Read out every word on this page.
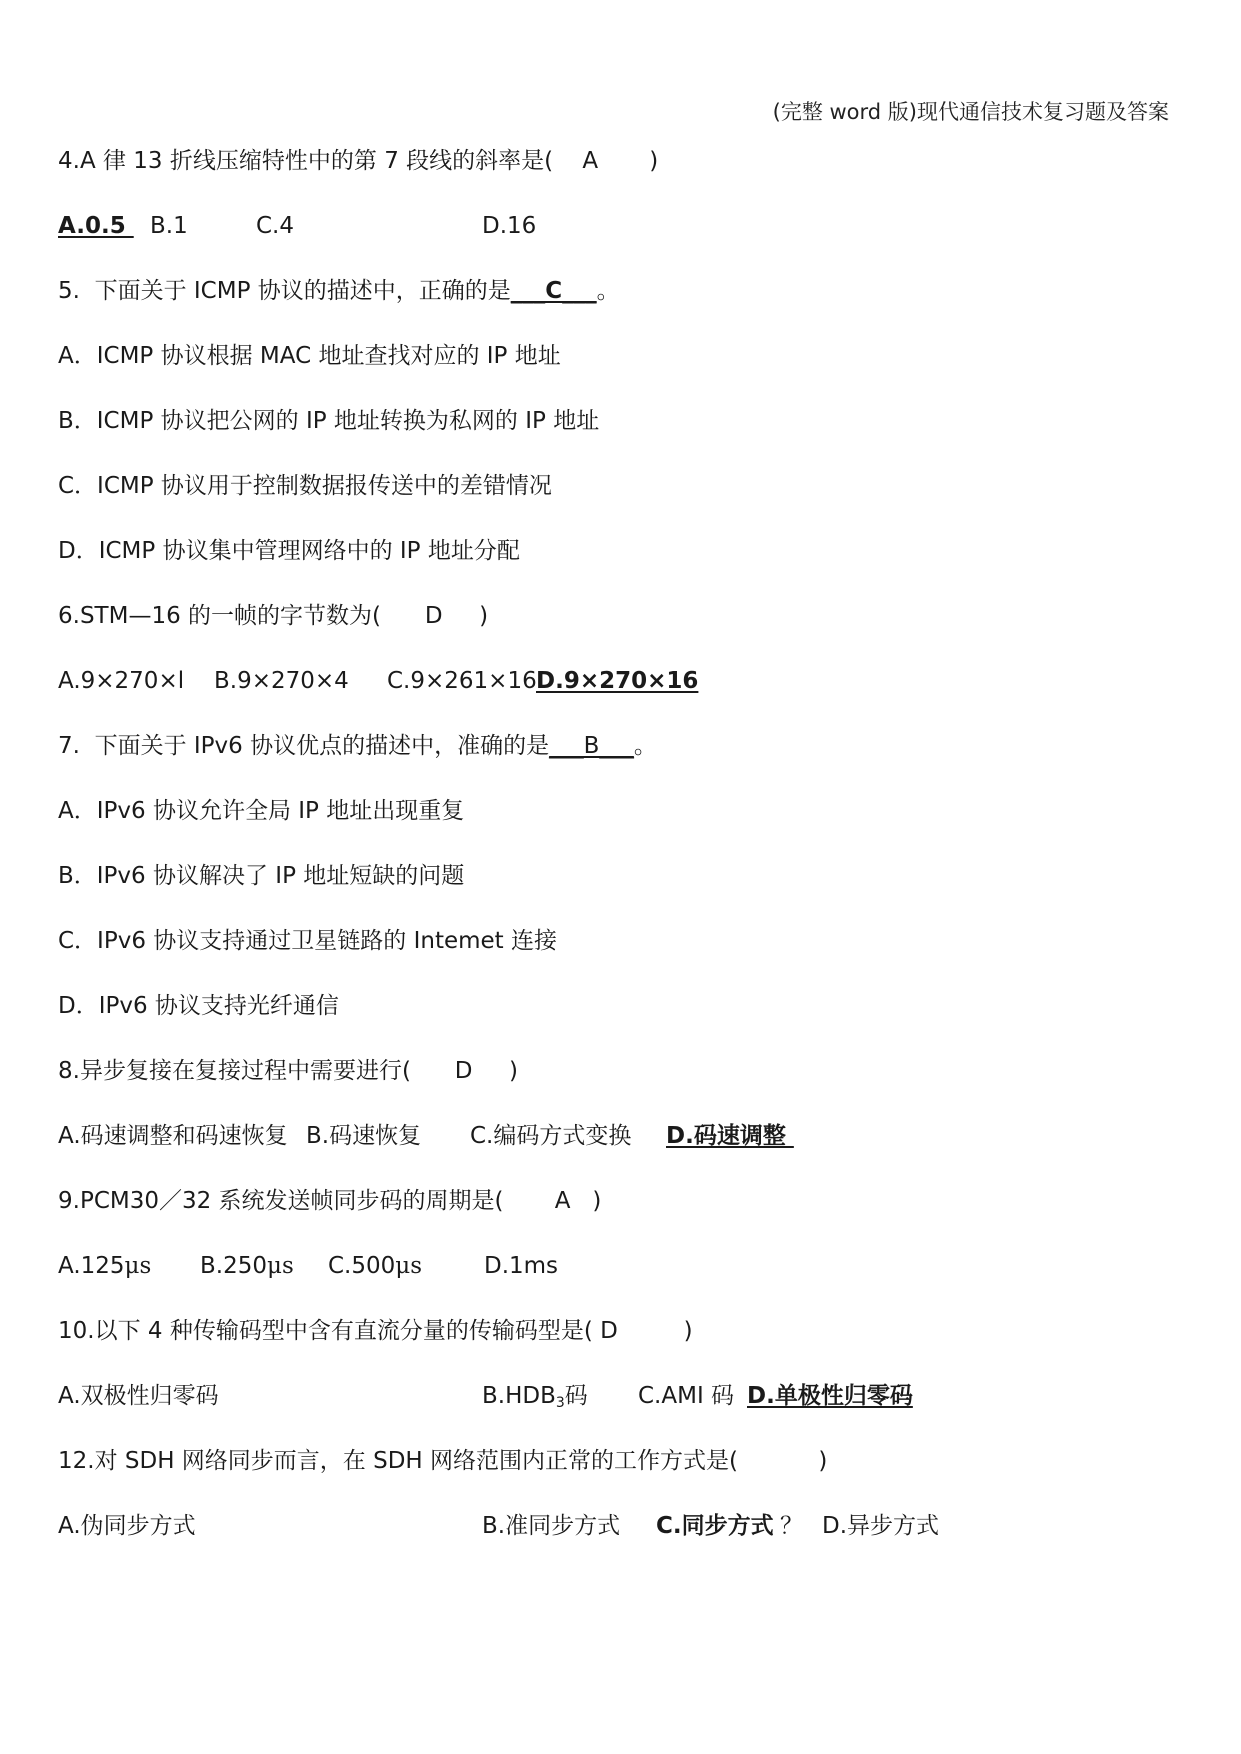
(完整 word 版)现代通信技术复习题及答案
4.A 律 13 折线压缩特性中的第 7 段线的斜率是(    A       )
A.0.5 B.1	C.4	D.16
5.  下面关于 ICMP 协议的描述中，正确的是___C___。
A．ICMP 协议根据 MAC 地址查找对应的 IP 地址
B．ICMP 协议把公网的 IP 地址转换为私网的 IP 地址
C．ICMP 协议用于控制数据报传送中的差错情况
D．ICMP 协议集中管理网络中的 IP 地址分配
6.STM—16 的一帧的字节数为(      D     )
A.9×270×l B.9×270×4 C.9×261×16D.9×270×16
7.  下面关于 IPv6 协议优点的描述中，准确的是___B___。
A．IPv6 协议允许全局 IP 地址出现重复
B．IPv6 协议解决了 IP 地址短缺的问题
C．IPv6 协议支持通过卫星链路的 Intemet 连接
D．IPv6 协议支持光纤通信
8.异步复接在复接过程中需要进行(      D     )
A.码速调整和码速恢复 B.码速恢复 C.编码方式变换 D.码速调整
9.PCM30／32 系统发送帧同步码的周期是(       A   )
A.125μs B.250μs C.500μs	D.1ms
10.以下 4 种传输码型中含有直流分量的传输码型是( D         )
A.双极性归零码	$B.HDB_3$码 C.AMI 码 D.单极性归零码
12.对 SDH 网络同步而言，在 SDH 网络范围内正常的工作方式是(           )
A.伪同步方式	B.准同步方式 C.同步方式 ？ D.异步方式
